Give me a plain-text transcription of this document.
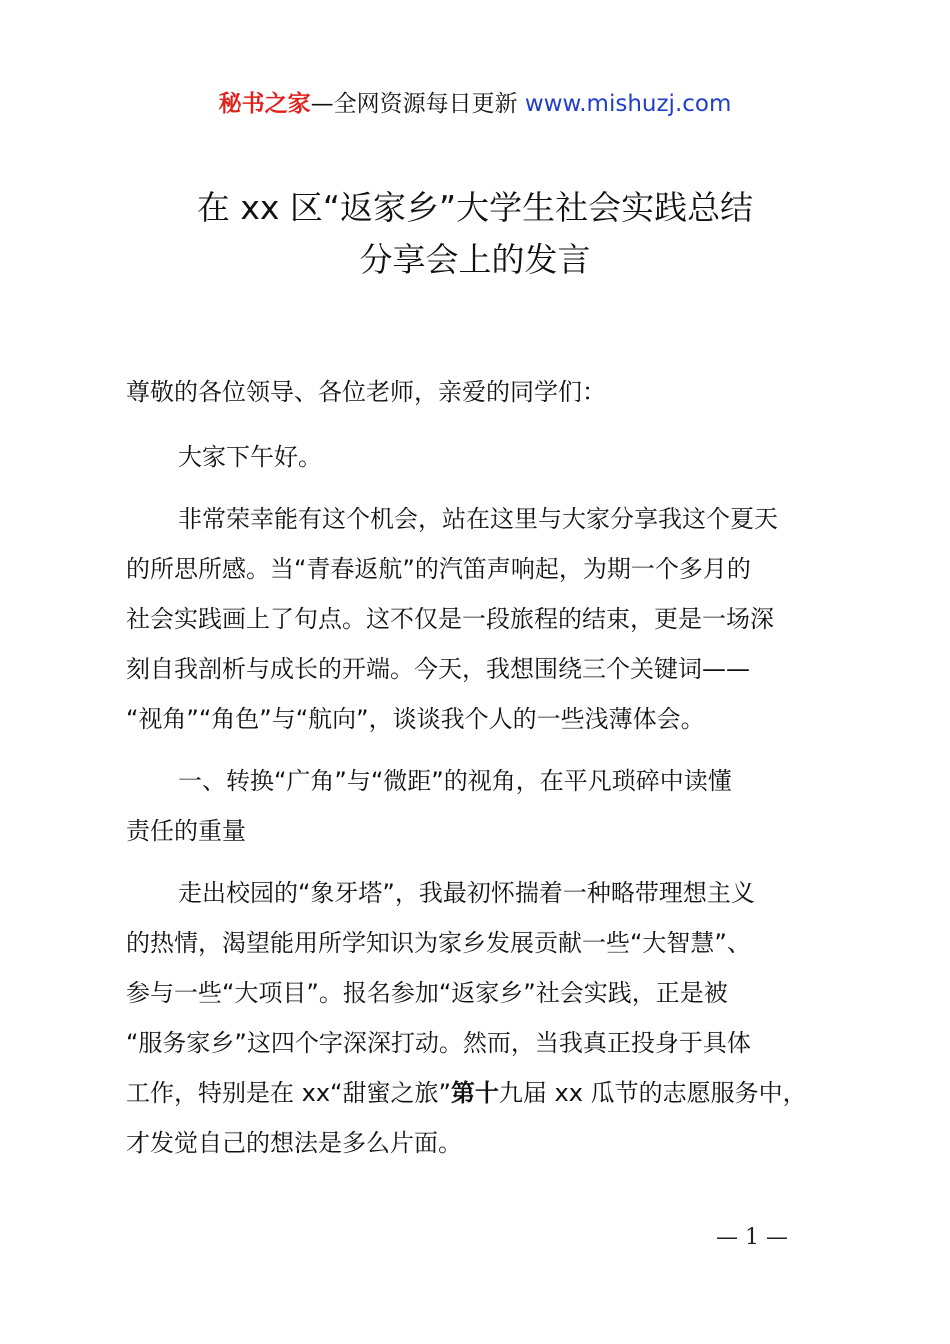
秘书之家—全网资源每日更新 www.mishuzj.com
在 xx 区“返家乡”大学生社会实践总结
分享会上的发言
尊敬的各位领导、各位老师，亲爱的同学们：
大家下午好。
非常荣幸能有这个机会，站在这里与大家分享我这个夏天
的所思所感。当“青春返航”的汽笛声响起，为期一个多月的
社会实践画上了句点。这不仅是一段旅程的结束，更是一场深
刻自我剖析与成长的开端。今天，我想围绕三个关键词——
“视角”“角色”与“航向”，谈谈我个人的一些浅薄体会。
一、转换“广角”与“微距”的视角，在平凡琐碎中读懂
责任的重量
走出校园的“象牙塔”，我最初怀揣着一种略带理想主义
的热情，渴望能用所学知识为家乡发展贡献一些“大智慧”、
参与一些“大项目”。报名参加“返家乡”社会实践，正是被
“服务家乡”这四个字深深打动。然而，当我真正投身于具体
工作，特别是在 xx“甜蜜之旅”第十九届 xx 瓜节的志愿服务中，
才发觉自己的想法是多么片面。
— 1 —
